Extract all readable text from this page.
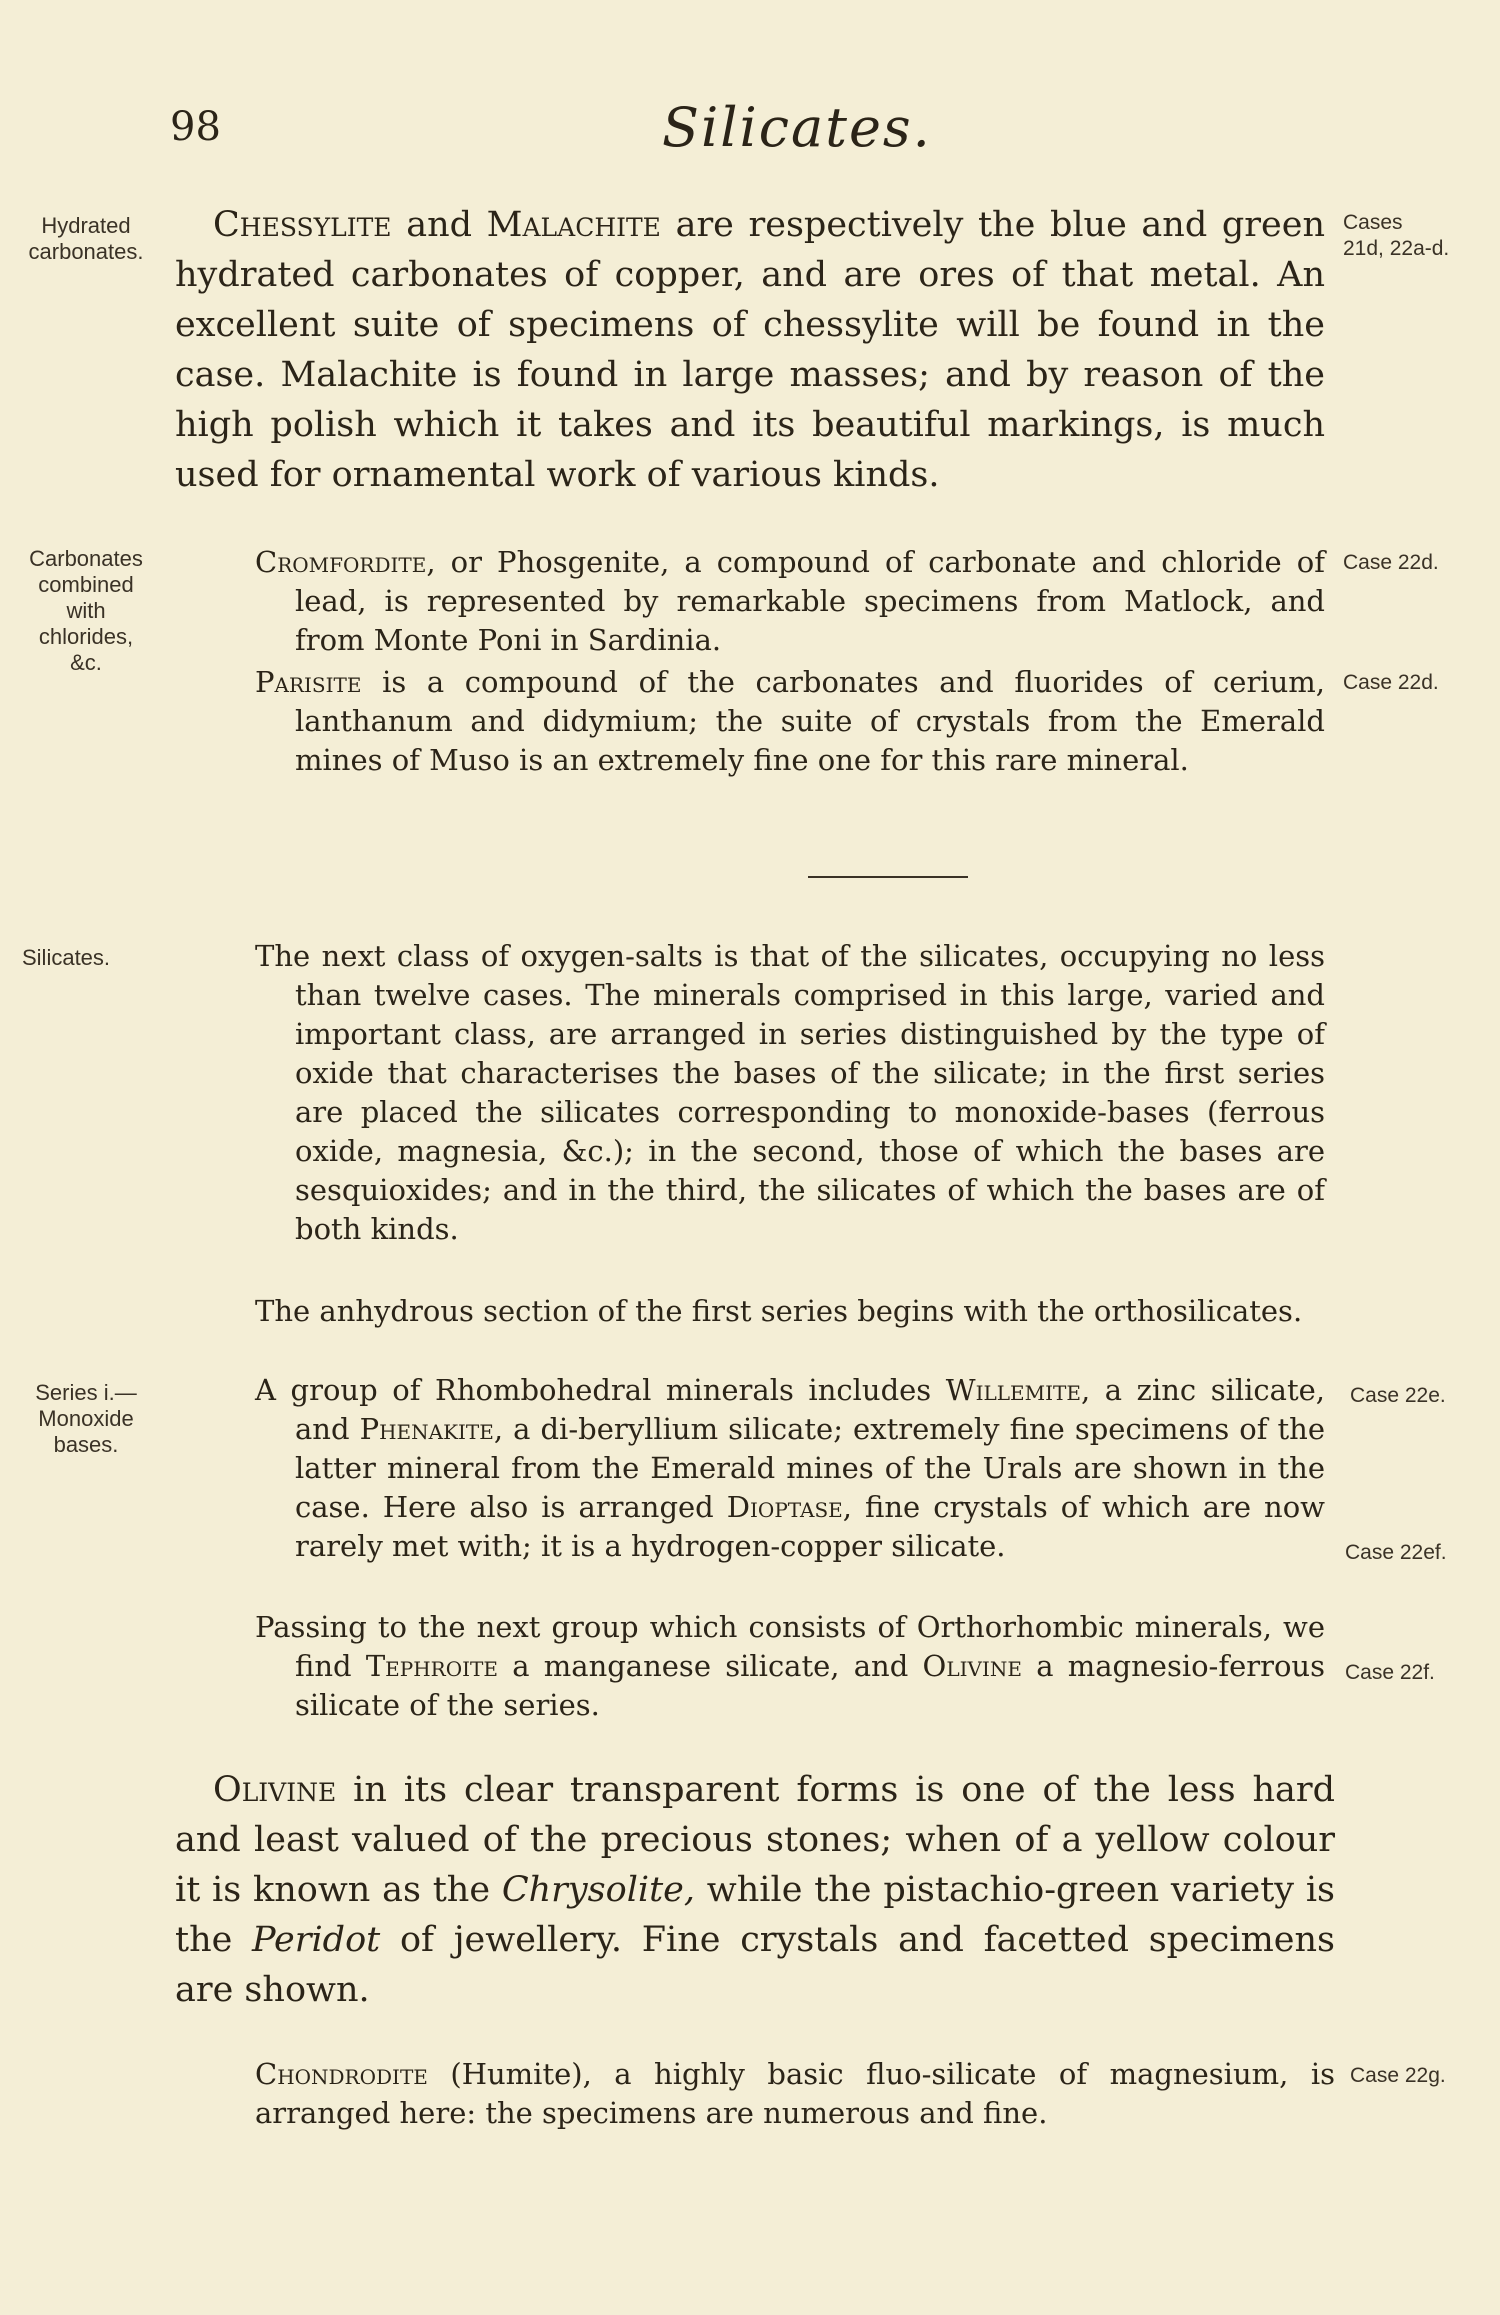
98	Silicates.
Hydrated
carbonates.
Cases
21d, 22a-d.
Chessylite and Malachite are respectively the blue and green hydrated carbonates of copper, and are ores of that metal. An excellent suite of specimens of chessylite will be found in the case. Malachite is found in large masses; and by reason of the high polish which it takes and its beautiful markings, is much used for ornamental work of various kinds.
Carbonates
combined
with
chlorides,
&c.
Cromfordite, or Phosgenite, a compound of carbonate and chloride of lead, is represented by remarkable specimens from Matlock, and from Monte Poni in Sardinia.
Case 22d.
Parisite is a compound of the carbonates and fluorides of cerium, lanthanum and didymium; the suite of crystals from the Emerald mines of Muso is an extremely fine one for this rare mineral.
Case 22d.
Silicates.	The next class of oxygen-salts is that of the silicates, occupying no less than twelve cases. The minerals comprised in this large, varied and important class, are arranged in series distinguished by the type of oxide that characterises the bases of the silicate; in the first series are placed the silicates corresponding to monoxide-bases (ferrous oxide, magnesia, &c.); in the second, those of which the bases are sesquioxides; and in the third, the silicates of which the bases are of both kinds.
The anhydrous section of the first series begins with the orthosilicates.
Series i.—
Monoxide
bases.
A group of Rhombohedral minerals includes Willemite, a zinc silicate, and Phenakite, a di-beryllium silicate; extremely fine specimens of the latter mineral from the Emerald mines of the Urals are shown in the case. Here also is arranged Dioptase, fine crystals of which are now rarely met with; it is a hydrogen-copper silicate.
Case 22e.
Case 22ef.
Passing to the next group which consists of Orthorhombic minerals, we find Tephroite a manganese silicate, and Olivine a magnesio-ferrous silicate of the series.
Case 22f.
Olivine in its clear transparent forms is one of the less hard and least valued of the precious stones; when of a yellow colour it is known as the Chrysolite, while the pistachio-green variety is the Peridot of jewellery. Fine crystals and facetted specimens are shown.
Chondrodite (Humite), a highly basic fluo-silicate of magnesium, is arranged here: the specimens are numerous and fine.
Case 22g.
